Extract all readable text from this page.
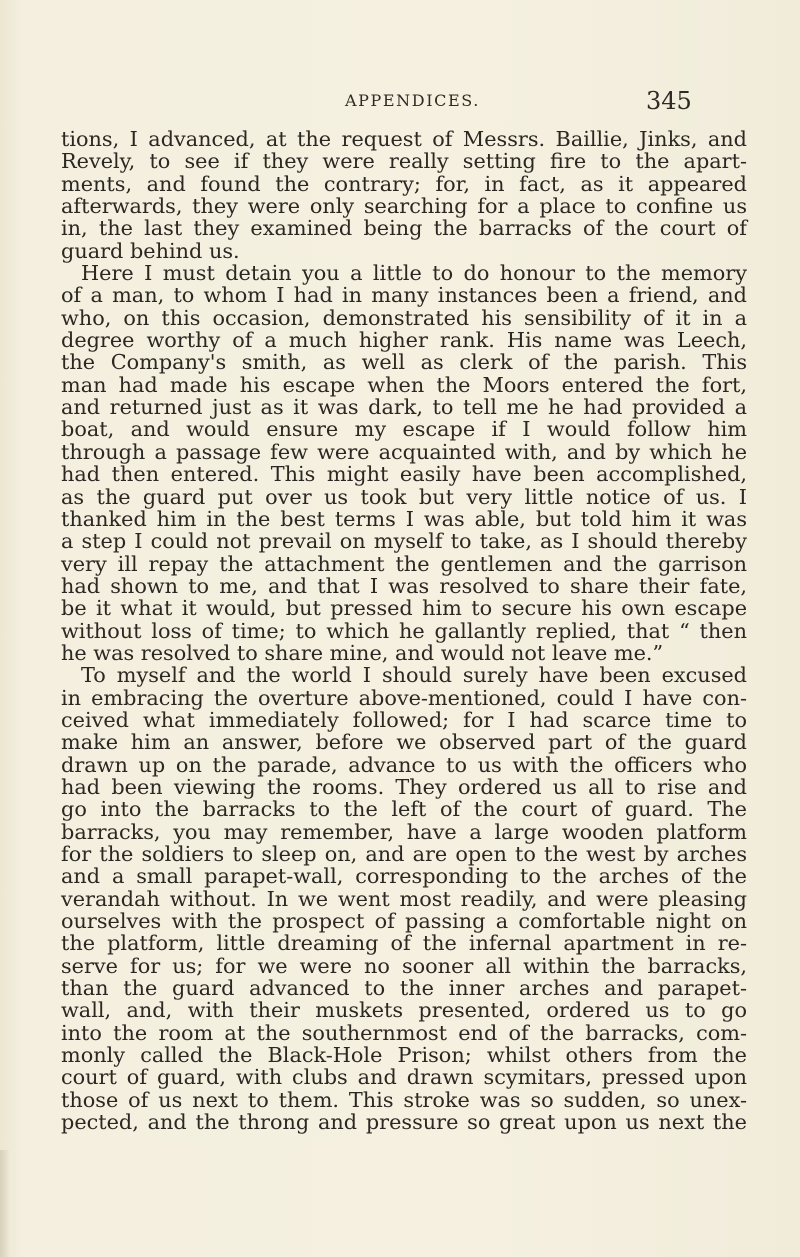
APPENDICES.	345
tions, I advanced, at the request of Messrs. Baillie, Jinks, and
Revely, to see if they were really setting fire to the apart-
ments, and found the contrary; for, in fact, as it appeared
afterwards, they were only searching for a place to confine us
in, the last they examined being the barracks of the court of
guard behind us.
Here I must detain you a little to do honour to the memory
of a man, to whom I had in many instances been a friend, and
who, on this occasion, demonstrated his sensibility of it in a
degree worthy of a much higher rank. His name was Leech,
the Company's smith, as well as clerk of the parish. This
man had made his escape when the Moors entered the fort,
and returned just as it was dark, to tell me he had provided a
boat, and would ensure my escape if I would follow him
through a passage few were acquainted with, and by which he
had then entered. This might easily have been accomplished,
as the guard put over us took but very little notice of us. I
thanked him in the best terms I was able, but told him it was
a step I could not prevail on myself to take, as I should thereby
very ill repay the attachment the gentlemen and the garrison
had shown to me, and that I was resolved to share their fate,
be it what it would, but pressed him to secure his own escape
without loss of time; to which he gallantly replied, that “ then
he was resolved to share mine, and would not leave me.”
To myself and the world I should surely have been excused
in embracing the overture above-mentioned, could I have con-
ceived what immediately followed; for I had scarce time to
make him an answer, before we observed part of the guard
drawn up on the parade, advance to us with the officers who
had been viewing the rooms. They ordered us all to rise and
go into the barracks to the left of the court of guard. The
barracks, you may remember, have a large wooden platform
for the soldiers to sleep on, and are open to the west by arches
and a small parapet-wall, corresponding to the arches of the
verandah without. In we went most readily, and were pleasing
ourselves with the prospect of passing a comfortable night on
the platform, little dreaming of the infernal apartment in re-
serve for us; for we were no sooner all within the barracks,
than the guard advanced to the inner arches and parapet-
wall, and, with their muskets presented, ordered us to go
into the room at the southernmost end of the barracks, com-
monly called the Black-Hole Prison; whilst others from the
court of guard, with clubs and drawn scymitars, pressed upon
those of us next to them. This stroke was so sudden, so unex-
pected, and the throng and pressure so great upon us next the
